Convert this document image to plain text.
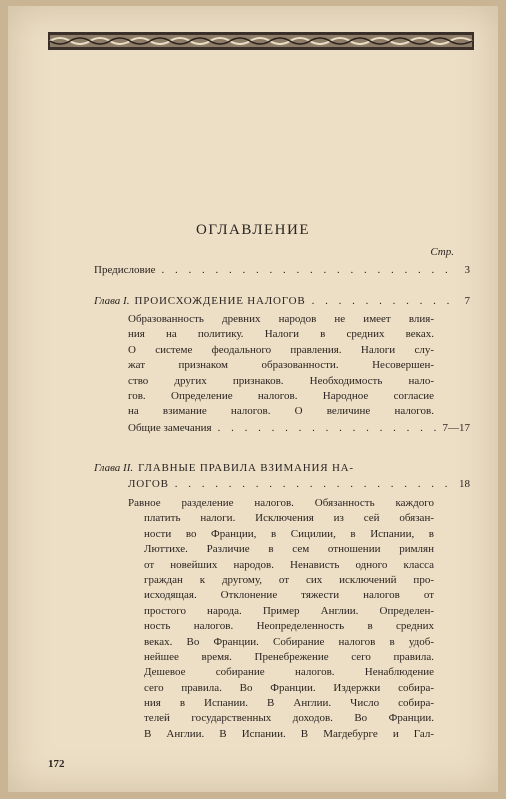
ОГЛАВЛЕНИЕ
Стр.
Предисловие . . .	3
Глава I. ПРОИСХОЖДЕНИЕ НАЛОГОВ . . .	7
Образованность древних народов не имеет влия-
ния на политику. Налоги в средних веках.
О системе феодального правления. Налоги слу-
жат признаком образованности. Несовершен-
ство других признаков. Необходимость нало-
гов. Определение налогов. Народное согласие
на взимание налогов. О величине налогов.
Общие замечания . . .	7—17
Глава II. ГЛАВНЫЕ ПРАВИЛА ВЗИМАНИЯ НА-
ЛОГОВ . . .	18
Равное разделение налогов. Обязанность каждого
платить налоги. Исключения из сей обязан-
ности во Франции, в Сицилии, в Испании, в
Люттихе. Различие в сем отношении римлян
от новейших народов. Ненависть одного класса
граждан к другому, от сих исключений про-
исходящая. Отклонение тяжести налогов от
простого народа. Пример Англии. Определен-
ность налогов. Неопределенность в средних
веках. Во Франции. Собирание налогов в удоб-
нейшее время. Пренебрежение сего правила.
Дешевое собирание налогов. Ненаблюдение
сего правила. Во Франции. Издержки собира-
ния в Испании. В Англии. Число собира-
телей государственных доходов. Во Франции.
В Англии. В Испании. В Магдебурге и Гал-
172
